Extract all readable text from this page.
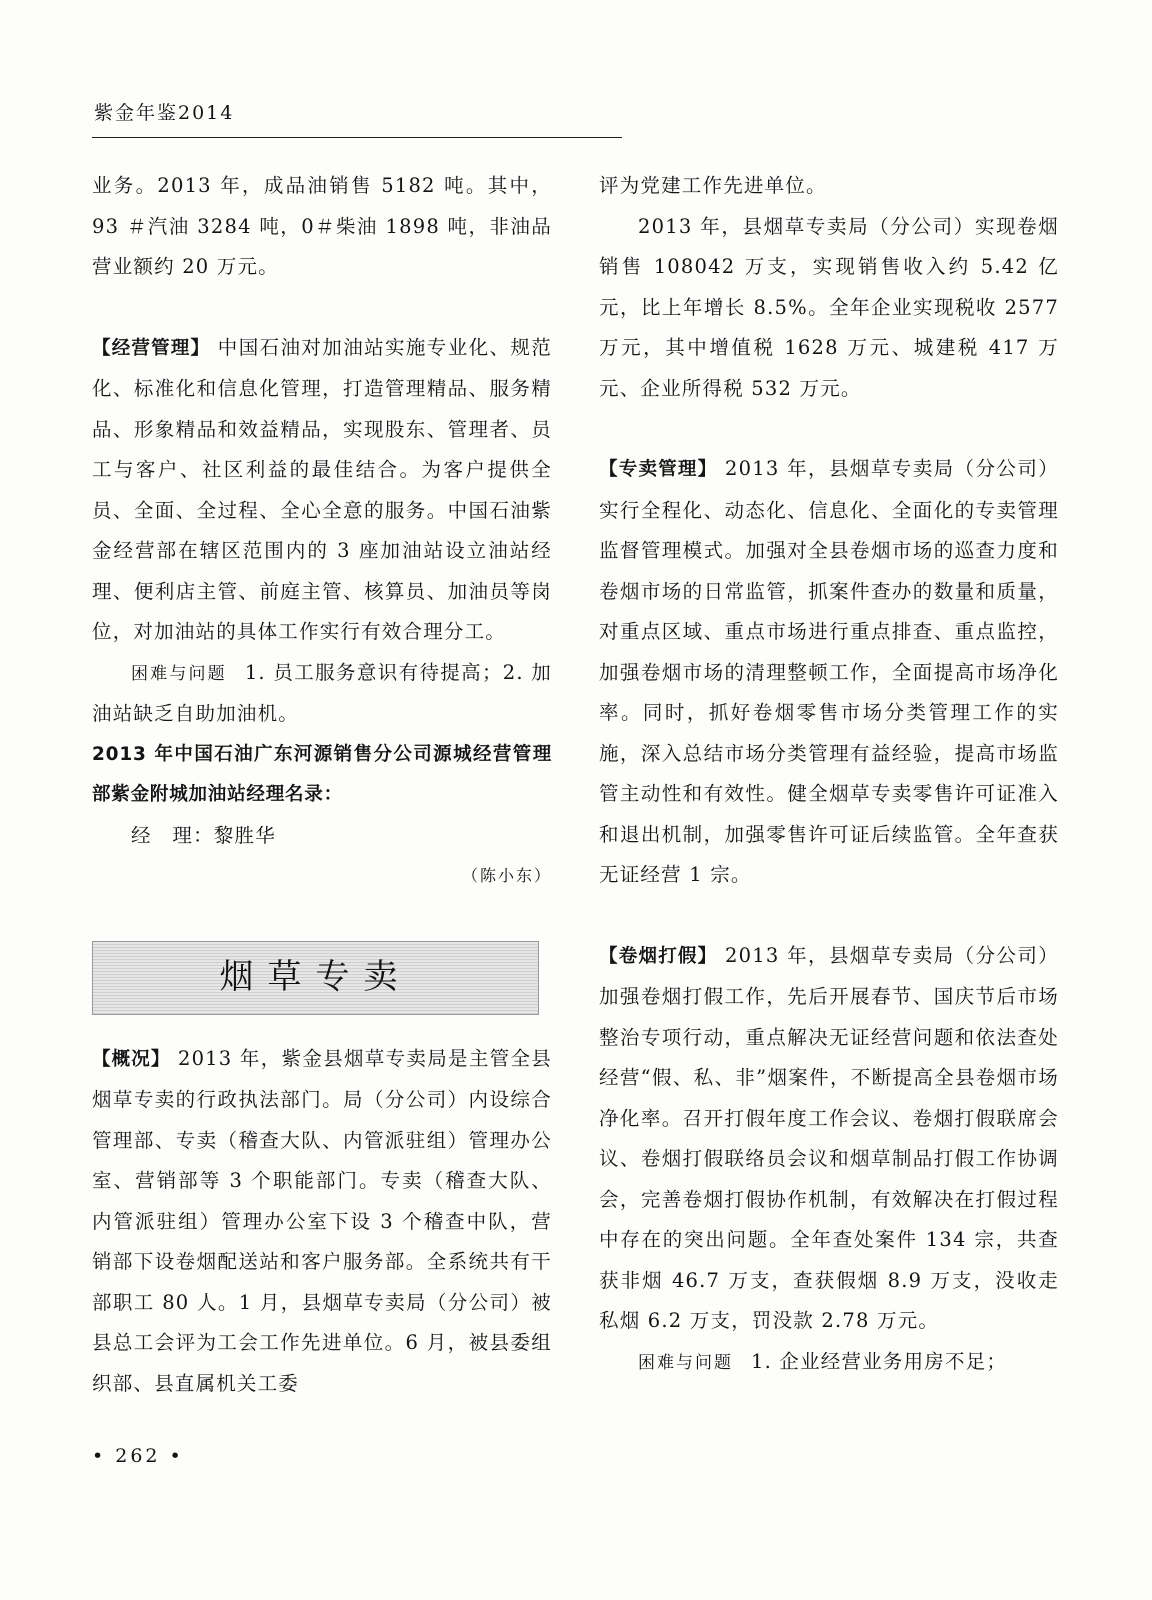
紫金年鉴2014

业务。2013 年，成品油销售 5182 吨。其中，93 ＃汽油 3284 吨，0＃柴油 1898 吨，非油品营业额约 20 万元。

【经营管理】 中国石油对加油站实施专业化、规范化、标准化和信息化管理，打造管理精品、服务精品、形象精品和效益精品，实现股东、管理者、员工与客户、社区利益的最佳结合。为客户提供全员、全面、全过程、全心全意的服务。中国石油紫金经营部在辖区范围内的 3 座加油站设立油站经理、便利店主管、前庭主管、核算员、加油员等岗位，对加油站的具体工作实行有效合理分工。

困难与问题 1. 员工服务意识有待提高；2. 加油站缺乏自助加油机。

2013 年中国石油广东河源销售分公司源城经营管理部紫金附城加油站经理名录：

经　理：黎胜华

（陈小东）

烟草专卖

【概况】 2013 年，紫金县烟草专卖局是主管全县烟草专卖的行政执法部门。局（分公司）内设综合管理部、专卖（稽查大队、内管派驻组）管理办公室、营销部等 3 个职能部门。专卖（稽查大队、内管派驻组）管理办公室下设 3 个稽查中队，营销部下设卷烟配送站和客户服务部。全系统共有干部职工 80 人。1 月，县烟草专卖局（分公司）被县总工会评为工会工作先进单位。6 月，被县委组织部、县直属机关工委

评为党建工作先进单位。

2013 年，县烟草专卖局（分公司）实现卷烟销售 108042 万支，实现销售收入约 5.42 亿元，比上年增长 8.5%。全年企业实现税收 2577 万元，其中增值税 1628 万元、城建税 417 万元、企业所得税 532 万元。

【专卖管理】 2013 年，县烟草专卖局（分公司）实行全程化、动态化、信息化、全面化的专卖管理监督管理模式。加强对全县卷烟市场的巡查力度和卷烟市场的日常监管，抓案件查办的数量和质量，对重点区域、重点市场进行重点排查、重点监控，加强卷烟市场的清理整顿工作，全面提高市场净化率。同时，抓好卷烟零售市场分类管理工作的实施，深入总结市场分类管理有益经验，提高市场监管主动性和有效性。健全烟草专卖零售许可证准入和退出机制，加强零售许可证后续监管。全年查获无证经营 1 宗。

【卷烟打假】 2013 年，县烟草专卖局（分公司）加强卷烟打假工作，先后开展春节、国庆节后市场整治专项行动，重点解决无证经营问题和依法查处经营“假、私、非”烟案件，不断提高全县卷烟市场净化率。召开打假年度工作会议、卷烟打假联席会议、卷烟打假联络员会议和烟草制品打假工作协调会，完善卷烟打假协作机制，有效解决在打假过程中存在的突出问题。全年查处案件 134 宗，共查获非烟 46.7 万支，查获假烟 8.9 万支，没收走私烟 6.2 万支，罚没款 2.78 万元。

困难与问题 1. 企业经营业务用房不足；

• 262 •
